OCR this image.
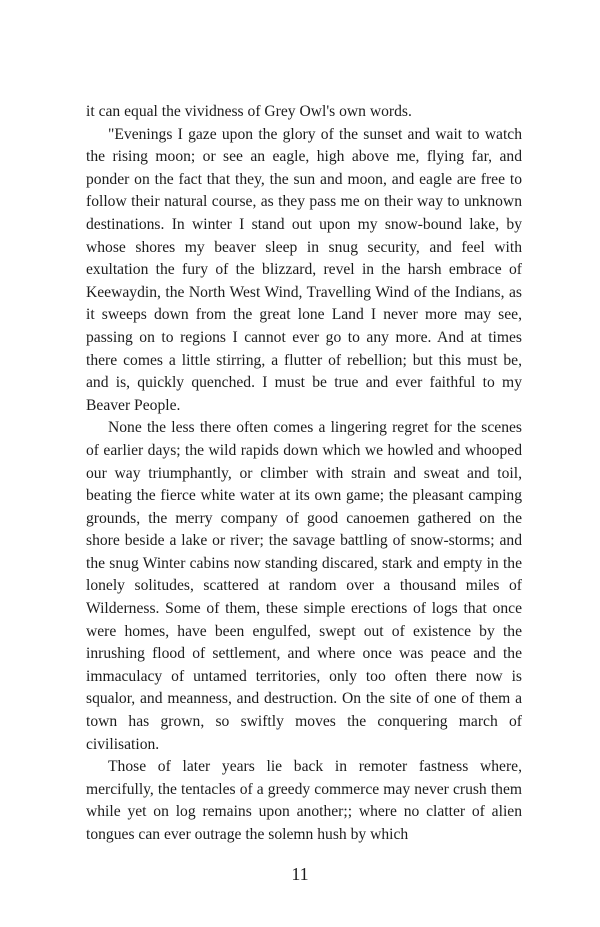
it can equal the vividness of Grey Owl's own words.

"Evenings I gaze upon the glory of the sunset and wait to watch the rising moon; or see an eagle, high above me, flying far, and ponder on the fact that they, the sun and moon, and eagle are free to follow their natural course, as they pass me on their way to unknown destinations. In winter I stand out upon my snow-bound lake, by whose shores my beaver sleep in snug security, and feel with exultation the fury of the blizzard, revel in the harsh embrace of Keewaydin, the North West Wind, Travelling Wind of the Indians, as it sweeps down from the great lone Land I never more may see, passing on to regions I cannot ever go to any more. And at times there comes a little stirring, a flutter of rebellion; but this must be, and is, quickly quenched. I must be true and ever faithful to my Beaver People.

None the less there often comes a lingering regret for the scenes of earlier days; the wild rapids down which we howled and whooped our way triumphantly, or climber with strain and sweat and toil, beating the fierce white water at its own game; the pleasant camping grounds, the merry company of good canoemen gathered on the shore beside a lake or river; the savage battling of snow-storms; and the snug Winter cabins now standing discared, stark and empty in the lonely solitudes, scattered at random over a thousand miles of Wilderness. Some of them, these simple erections of logs that once were homes, have been engulfed, swept out of existence by the inrushing flood of settlement, and where once was peace and the immaculacy of untamed territories, only too often there now is squalor, and meanness, and destruction. On the site of one of them a town has grown, so swiftly moves the conquering march of civilisation.

Those of later years lie back in remoter fastness where, mercifully, the tentacles of a greedy commerce may never crush them while yet on log remains upon another;; where no clatter of alien tongues can ever outrage the solemn hush by which

11
